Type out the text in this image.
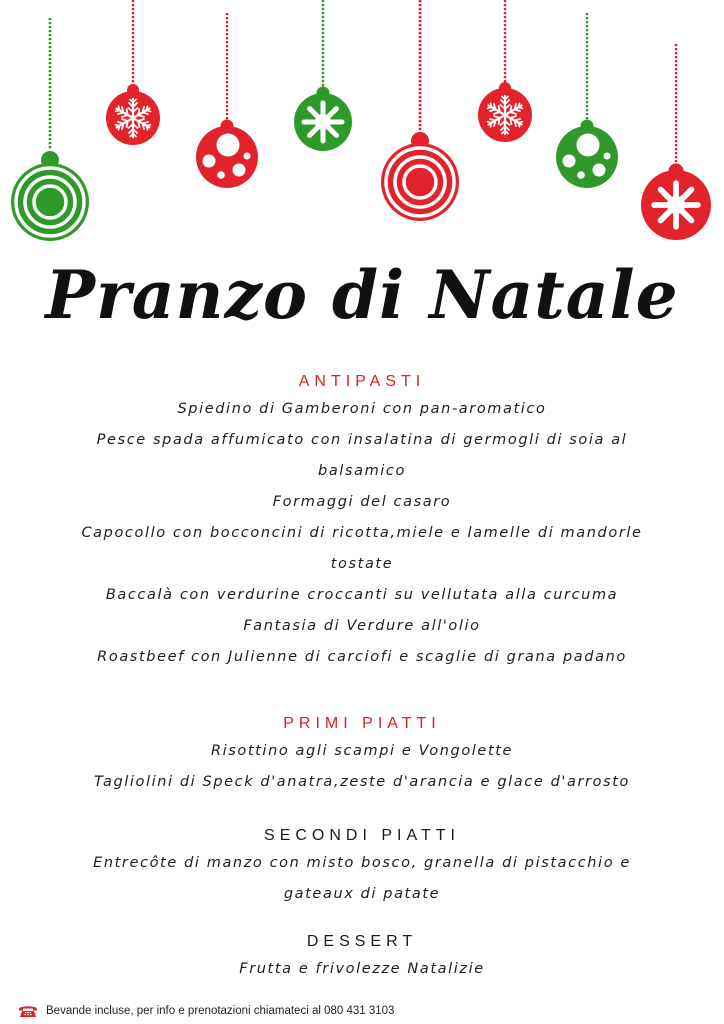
Pranzo di Natale
ANTIPASTI
Spiedino di Gamberoni con pan-aromatico
Pesce spada affumicato con insalatina di germogli di soia al
balsamico
Formaggi del casaro
Capocollo con bocconcini di ricotta,miele e lamelle di mandorle
tostate
Baccalà con verdurine croccanti su vellutata alla curcuma
Fantasia di Verdure all'olio
Roastbeef con Julienne di carciofi e scaglie di grana padano
PRIMI PIATTI
Risottino agli scampi e Vongolette
Tagliolini di Speck d'anatra,zeste d'arancia e glace d'arrosto
SECONDI PIATTI
Entrecôte di manzo con misto bosco, granella di pistacchio e
gateaux di patate
DESSERT
Frutta e frivolezze Natalizie
Bevande incluse, per info e prenotazioni chiamateci al 080 431 3103
